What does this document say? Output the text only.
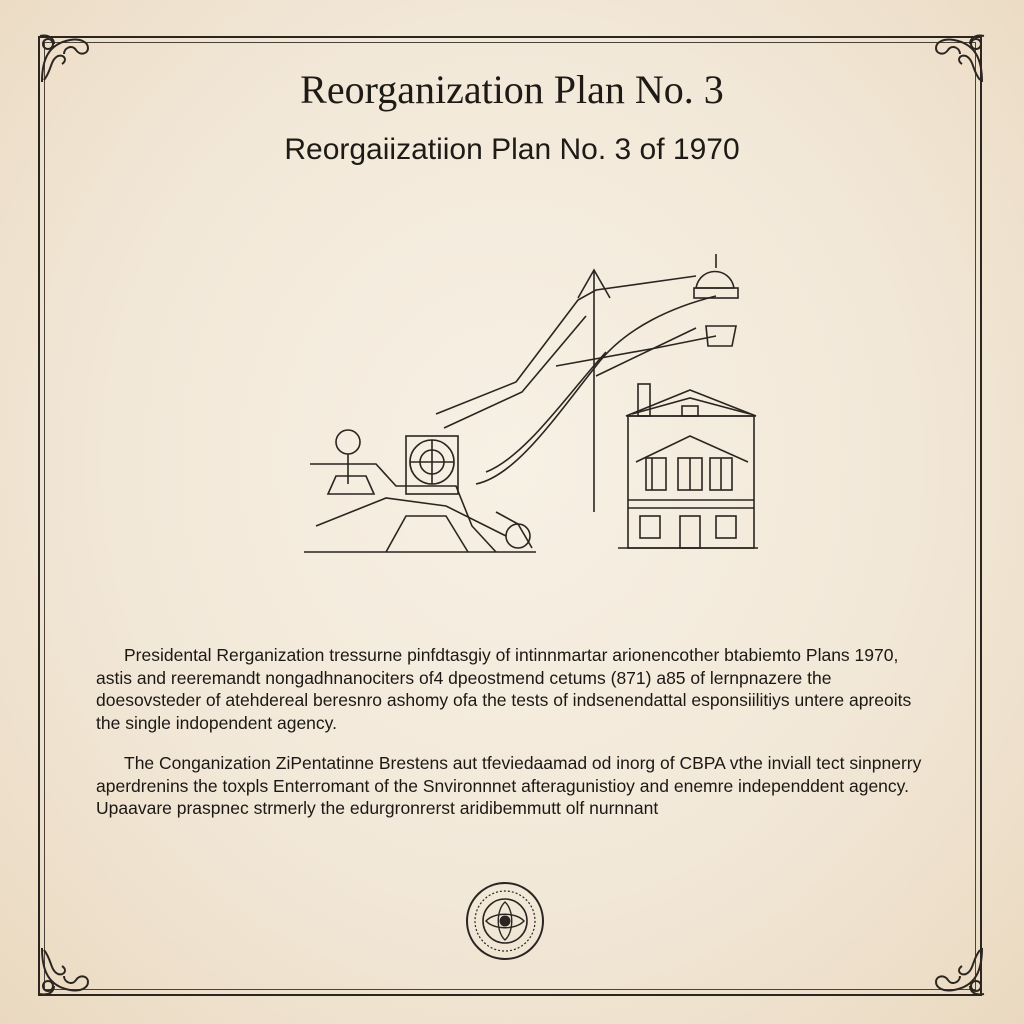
Reorganization Plan No. 3
Reorgaiizatiion Plan No. 3 of 1970

Presidental Rerganization tressurne pinfdtasgiy of intinnmartar arionencother btabiemto Plans 1970, astis and reeremandt nongadhnanociters of4 dpeostmend cetums (871) a85 of lernpnazere the doesovsteder of atehdereal beresnro ashomy ofa the tests of indsenendattal esponsiilitiys untere apreoits the single indopendent agency.

The Conganization ZiPentatinne Brestens aut tfeviedaamad od inorg of CBPA vthe inviall tect sinpnerry aperdrenins the toxpls Enterromant of the Snvironnnet afteragunistioy and enemre independdent agency. Upaavare praspnec strmerly the edurgronrerst aridibemmutt olf nurnnant
